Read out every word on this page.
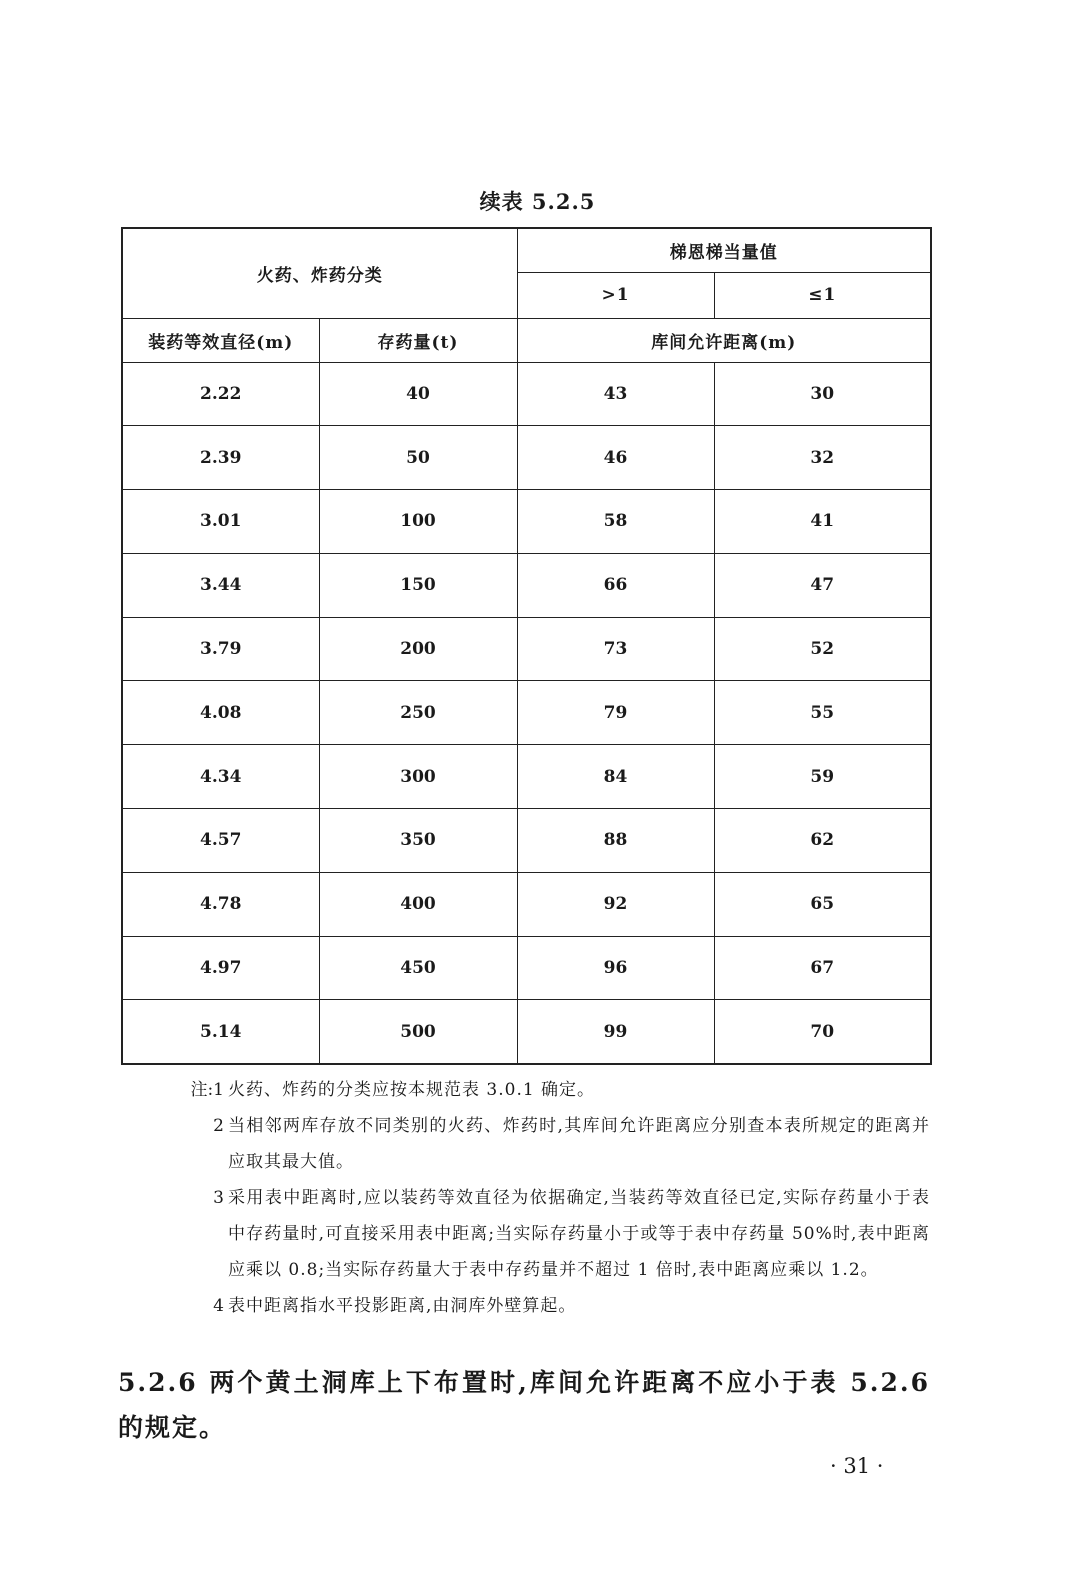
续表 5.2.5
火药、炸药分类		梯恩梯当量值	
		>1	≤1
装药等效直径(m)	存药量(t)	库间允许距离(m)	
2.22	40	43	30
2.39	50	46	32
3.01	100	58	41
3.44	150	66	47
3.79	200	73	52
4.08	250	79	55
4.34	300	84	59
4.57	350	88	62
4.78	400	92	65
4.97	450	96	67
5.14	500	99	70
注:1 火药、炸药的分类应按本规范表 3.0.1 确定。
2 当相邻两库存放不同类别的火药、炸药时,其库间允许距离应分别查本表所规定的距离并应取其最大值。
3 采用表中距离时,应以装药等效直径为依据确定,当装药等效直径已定,实际存药量小于表中存药量时,可直接采用表中距离;当实际存药量小于或等于表中存药量 50%时,表中距离应乘以 0.8;当实际存药量大于表中存药量并不超过 1 倍时,表中距离应乘以 1.2。
4 表中距离指水平投影距离,由洞库外壁算起。
5.2.6 两个黄土洞库上下布置时,库间允许距离不应小于表 5.2.6的规定。
· 31 ·
